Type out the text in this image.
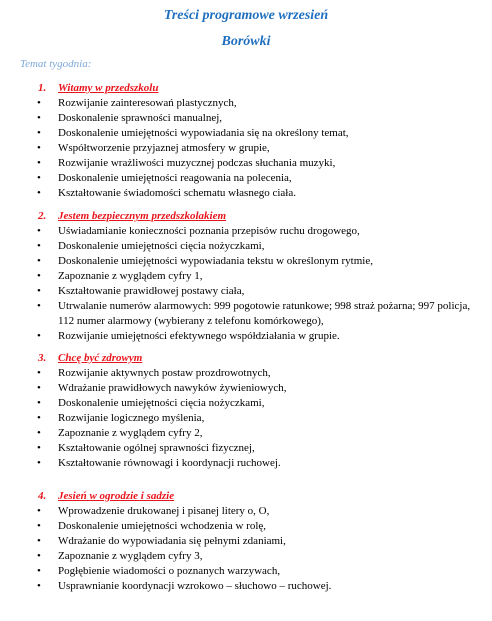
Treści programowe wrzesień
Borówki
Temat tygodnia:
1. Witamy w przedszkolu
• Rozwijanie zainteresowań plastycznych,
• Doskonalenie sprawności manualnej,
• Doskonalenie umiejętności wypowiadania się na określony temat,
• Współtworzenie przyjaznej atmosfery w grupie,
• Rozwijanie wrażliwości muzycznej podczas słuchania muzyki,
• Doskonalenie umiejętności reagowania na polecenia,
• Kształtowanie świadomości schematu własnego ciała.
2. Jestem bezpiecznym przedszkolakiem
• Uświadamianie konieczności poznania przepisów ruchu drogowego,
• Doskonalenie umiejętności cięcia nożyczkami,
• Doskonalenie umiejętności wypowiadania tekstu w określonym rytmie,
• Zapoznanie z wyglądem cyfry 1,
• Kształtowanie prawidłowej postawy ciała,
• Utrwalanie numerów alarmowych: 999 pogotowie ratunkowe; 998 straż pożarna; 997 policja, 112 numer alarmowy (wybierany z telefonu komórkowego),
• Rozwijanie umiejętności efektywnego współdziałania w grupie.
3. Chcę być zdrowym
• Rozwijanie aktywnych postaw prozdrowotnych,
• Wdrażanie prawidłowych nawyków żywieniowych,
• Doskonalenie umiejętności cięcia nożyczkami,
• Rozwijanie logicznego myślenia,
• Zapoznanie z wyglądem cyfry 2,
• Kształtowanie ogólnej sprawności fizycznej,
• Kształtowanie równowagi i koordynacji ruchowej.
4. Jesień w ogrodzie i sadzie
• Wprowadzenie drukowanej i pisanej litery o, O,
• Doskonalenie umiejętności wchodzenia w rolę,
• Wdrażanie do wypowiadania się pełnymi zdaniami,
• Zapoznanie z wyglądem cyfry 3,
• Pogłębienie wiadomości o poznanych warzywach,
• Usprawnianie koordynacji wzrokowo – słuchowo – ruchowej.
